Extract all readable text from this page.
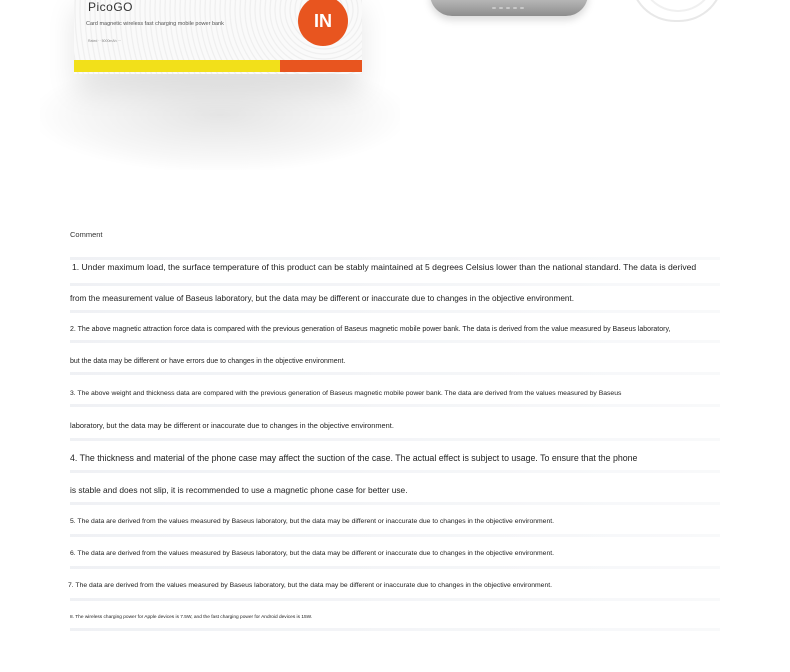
PicoGO
Card magnetic wireless fast charging mobile power bank
Rated ·· 5000mAh ···
IN
Comment
1. Under maximum load, the surface temperature of this product can be stably maintained at 5 degrees Celsius lower than the national standard. The data is derived
from the measurement value of Baseus laboratory, but the data may be different or inaccurate due to changes in the objective environment.
2. The above magnetic attraction force data is compared with the previous generation of Baseus magnetic mobile power bank. The data is derived from the value measured by Baseus laboratory,
but the data may be different or have errors due to changes in the objective environment.
3. The above weight and thickness data are compared with the previous generation of Baseus magnetic mobile power bank. The data are derived from the values measured by Baseus
laboratory, but the data may be different or inaccurate due to changes in the objective environment.
4. The thickness and material of the phone case may affect the suction of the case. The actual effect is subject to usage. To ensure that the phone
is stable and does not slip, it is recommended to use a magnetic phone case for better use.
5. The data are derived from the values measured by Baseus laboratory, but the data may be different or inaccurate due to changes in the objective environment.
6. The data are derived from the values measured by Baseus laboratory, but the data may be different or inaccurate due to changes in the objective environment.
7. The data are derived from the values measured by Baseus laboratory, but the data may be different or inaccurate due to changes in the objective environment.
8. The wireless charging power for Apple devices is 7.5W, and the fast charging power for Android devices is 15W.
